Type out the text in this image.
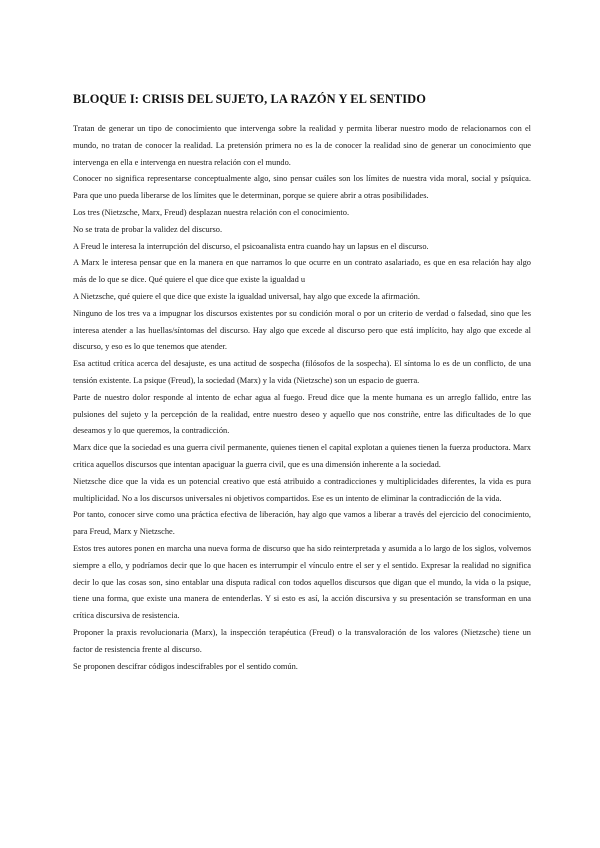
BLOQUE I: CRISIS DEL SUJETO, LA RAZÓN Y EL SENTIDO

Tratan de generar un tipo de conocimiento que intervenga sobre la realidad y permita liberar nuestro modo de relacionarnos con el mundo, no tratan de conocer la realidad. La pretensión primera no es la de conocer la realidad sino de generar un conocimiento que intervenga en ella e intervenga en nuestra relación con el mundo.

Conocer no significa representarse conceptualmente algo, sino pensar cuáles son los límites de nuestra vida moral, social y psíquica. Para que uno pueda liberarse de los límites que le determinan, porque se quiere abrir a otras posibilidades.

Los tres (Nietzsche, Marx, Freud) desplazan nuestra relación con el conocimiento.

No se trata de probar la validez del discurso.

A Freud le interesa la interrupción del discurso, el psicoanalista entra cuando hay un lapsus en el discurso.

A Marx le interesa pensar que en la manera en que narramos lo que ocurre en un contrato asalariado, es que en esa relación hay algo más de lo que se dice. Qué quiere el que dice que existe la igualdad u

A Nietzsche, qué quiere el que dice que existe la igualdad universal, hay algo que excede la afirmación.

Ninguno de los tres va a impugnar los discursos existentes por su condición moral o por un criterio de verdad o falsedad, sino que les interesa atender a las huellas/síntomas del discurso. Hay algo que excede al discurso pero que está implícito, hay algo que excede al discurso, y eso es lo que tenemos que atender.

Esa actitud crítica acerca del desajuste, es una actitud de sospecha (filósofos de la sospecha). El síntoma lo es de un conflicto, de una tensión existente. La psique (Freud), la sociedad (Marx) y la vida (Nietzsche) son un espacio de guerra.

Parte de nuestro dolor responde al intento de echar agua al fuego. Freud dice que la mente humana es un arreglo fallido, entre las pulsiones del sujeto y la percepción de la realidad, entre nuestro deseo y aquello que nos constriñe, entre las dificultades de lo que deseamos y lo que queremos, la contradicción.

Marx dice que la sociedad es una guerra civil permanente, quienes tienen el capital explotan a quienes tienen la fuerza productora. Marx critica aquellos discursos que intentan apaciguar la guerra civil, que es una dimensión inherente a la sociedad.

Nietzsche dice que la vida es un potencial creativo que está atribuido a contradicciones y multiplicidades diferentes, la vida es pura multiplicidad. No a los discursos universales ni objetivos compartidos. Ese es un intento de eliminar la contradicción de la vida.

Por tanto, conocer sirve como una práctica efectiva de liberación, hay algo que vamos a liberar a través del ejercicio del conocimiento, para Freud, Marx y Nietzsche.

Estos tres autores ponen en marcha una nueva forma de discurso que ha sido reinterpretada y asumida a lo largo de los siglos, volvemos siempre a ello, y podríamos decir que lo que hacen es interrumpir el vínculo entre el ser y el sentido. Expresar la realidad no significa decir lo que las cosas son, sino entablar una disputa radical con todos aquellos discursos que digan que el mundo, la vida o la psique, tiene una forma, que existe una manera de entenderlas. Y si esto es así, la acción discursiva y su presentación se transforman en una crítica discursiva de resistencia.

Proponer la praxis revolucionaria (Marx), la inspección terapéutica (Freud) o la transvaloración de los valores (Nietzsche) tiene un factor de resistencia frente al discurso.

Se proponen descifrar códigos indescifrables por el sentido común.
